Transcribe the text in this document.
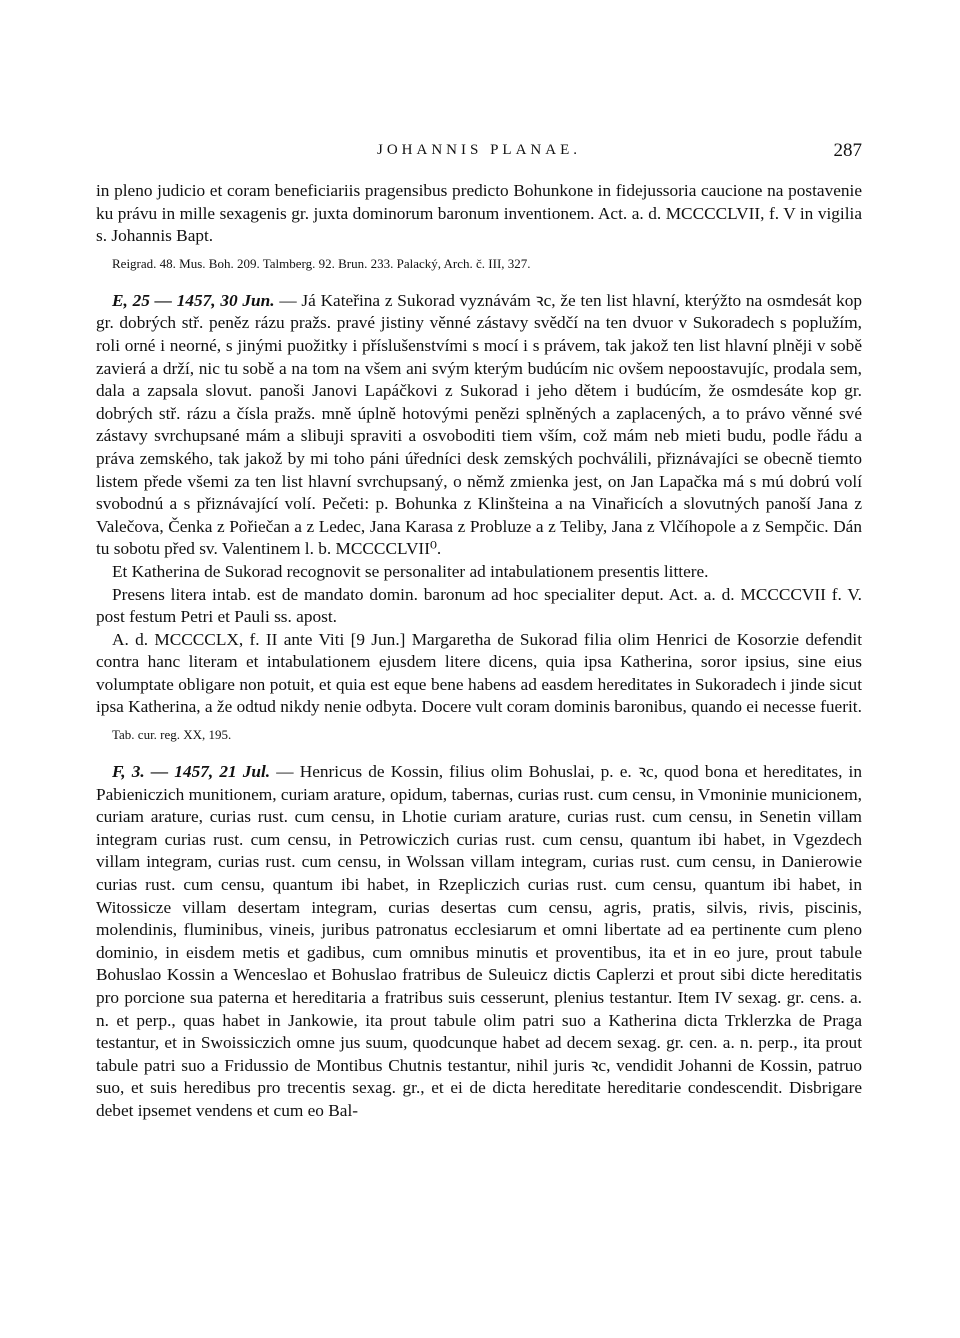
JOHANNIS PLANAE.	287

in pleno judicio et coram beneficiariis pragensibus predicto Bohunkone in fidejussoria caucione na postavenie ku právu in mille sexagenis gr. juxta dominorum baronum inventionem. Act. a. d. MCCCCLVII, f. V in vigilia s. Johannis Bapt.

Reigrad. 48. Mus. Boh. 209. Talmberg. 92. Brun. 233. Palacký, Arch. č. III, 327.

E, 25 — 1457, 30 Jun. — Já Kateřina z Sukorad vyznávám ꝛc, že ten list hlavní, kterýžto na osmdesát kop gr. dobrých stř. peněz rázu pražs. pravé jistiny věnné zástavy svědčí na ten dvuor v Sukoradech s poplužím, roli orné i neorné, s jinými puožitky i příslušenstvími s mocí i s právem, tak jakož ten list hlavní plněji v sobě zavierá a drží, nic tu sobě a na tom na všem ani svým kterým budúcím nic ovšem nepoostavujíc, prodala sem, dala a zapsala slovut. panoši Janovi Lapáčkovi z Sukorad i jeho dětem i budúcím, že osmdesáte kop gr. dobrých stř. rázu a čísla pražs. mně úplně hotovými penězi splněných a zaplacených, a to právo věnné své zástavy svrchupsané mám a slibuji spraviti a osvoboditi tiem vším, což mám neb mieti budu, podle řádu a práva zemského, tak jakož by mi toho páni úředníci desk zemských pochválili, přiznávajíci se obecně tiemto listem přede všemi za ten list hlavní svrchupsaný, o němž zmienka jest, on Jan Lapačka má s mú dobrú volí svobodnú a s přiznávající volí. Pečeti: p. Bohunka z Klinšteina a na Vinařicích a slovutných panoší Jana z Valečova, Čenka z Pořiečan a z Ledec, Jana Karasa z Probluze a z Teliby, Jana z Vlčíhopole a z Sempčic. Dán tu sobotu před sv. Valentinem l. b. MCCCCLVII⁰.

Et Katherina de Sukorad recognovit se personaliter ad intabulationem presentis littere.

Presens litera intab. est de mandato domin. baronum ad hoc specialiter deput. Act. a. d. MCCCCVII f. V. post festum Petri et Pauli ss. apost.

A. d. MCCCCLX, f. II ante Viti [9 Jun.] Margaretha de Sukorad filia olim Henrici de Kosorzie defendit contra hanc literam et intabulationem ejusdem litere dicens, quia ipsa Katherina, soror ipsius, sine eius volumptate obligare non potuit, et quia est eque bene habens ad easdem hereditates in Sukoradech i jinde sicut ipsa Katherina, a že odtud nikdy nenie odbyta. Docere vult coram dominis baronibus, quando ei necesse fuerit.

Tab. cur. reg. XX, 195.

F, 3. — 1457, 21 Jul. — Henricus de Kossin, filius olim Bohuslai, p. e. ꝛc, quod bona et hereditates, in Pabieniczich munitionem, curiam arature, opidum, tabernas, curias rust. cum censu, in Vmoninie municionem, curiam arature, curias rust. cum censu, in Lhotie curiam arature, curias rust. cum censu, in Senetin villam integram curias rust. cum censu, in Petrowiczich curias rust. cum censu, quantum ibi habet, in Vgezdech villam integram, curias rust. cum censu, in Wolssan villam integram, curias rust. cum censu, in Danierowie curias rust. cum censu, quantum ibi habet, in Rzepliczich curias rust. cum censu, quantum ibi habet, in Witossicze villam desertam integram, curias desertas cum censu, agris, pratis, silvis, rivis, piscinis, molendinis, fluminibus, vineis, juribus patronatus ecclesiarum et omni libertate ad ea pertinente cum pleno dominio, in eisdem metis et gadibus, cum omnibus minutis et proventibus, ita et in eo jure, prout tabule Bohuslao Kossin a Wenceslao et Bohuslao fratribus de Suleuicz dictis Caplerzi et prout sibi dicte hereditatis pro porcione sua paterna et hereditaria a fratribus suis cesserunt, plenius testantur. Item IV sexag. gr. cens. a. n. et perp., quas habet in Jankowie, ita prout tabule olim patri suo a Katherina dicta Trklerzka de Praga testantur, et in Swoissiczich omne jus suum, quodcunque habet ad decem sexag. gr. cen. a. n. perp., ita prout tabule patri suo a Fridussio de Montibus Chutnis testantur, nihil juris ꝛc, vendidit Johanni de Kossin, patruo suo, et suis heredibus pro trecentis sexag. gr., et ei de dicta hereditate hereditarie condescendit. Disbrigare debet ipsemet vendens et cum eo Bal-
